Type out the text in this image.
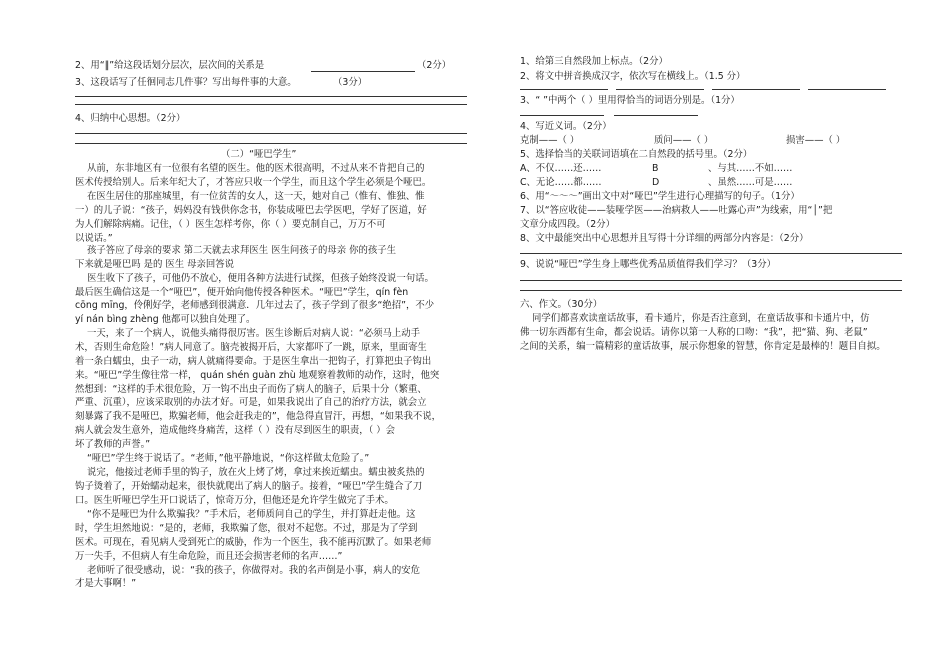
2、用“‖”给这段话划分层次，层次间的关系是	（2分）
3、这段话写了任徊同志几件事？写出每件事的大意。	（3分）
4、归纳中心思想。（2分）
（二）“哑巴学生”
从前，东非地区有一位很有名望的医生。他的医术很高明，不过从来不肯把自己的
医术传授给别人。后来年纪大了，才答应只收一个学生，而且这个学生必须是个哑巴。
在医生居住的那座城里，有一位贫苦的女人，这一天，她对自己（惟有、惟独、惟
一）的儿子说：“孩子，妈妈没有钱供你念书，你装成哑巴去学医吧，学好了医道，好
为人们解除病痛。记住，（ ）医生怎样考你，你（ ）要克制自己，万万不可
以说话。”
孩子答应了母亲的要求 第二天就去求拜医生 医生问孩子的母亲 你的孩子生
下来就是哑巴吗 是的 医生 母亲回答说
医生收下了孩子，可他仍不放心，便用各种方法进行试探，但孩子始终没说一句话。
最后医生确信这是一个“哑巴”，便开始向他传授各种医术。“哑巴”学生，qín fèn
cōng mīng，伶俐好学，老师感到很满意．几年过去了，孩子学到了很多“绝招”，不少
yí nán bìng zhèng 他都可以独自处理了。
一天，来了一个病人，说他头痛得很厉害。医生诊断后对病人说：“必须马上动手
术，否则生命危险！”病人同意了。脑壳被揭开后，大家都吓了一跳，原来，里面寄生
着一条白蠕虫，虫子一动，病人就痛得要命。于是医生拿出一把钩子，打算把虫子钩出
来。“哑巴”学生像往常一样， quán shén guàn zhù 地观察着教师的动作，这时，他突
然想到：“这样的手术很危险，万一钩不出虫子而伤了病人的脑子，后果十分（繁重、
严重、沉重），应该采取别的办法才好。可是，如果我说出了自己的治疗方法，就会立
刻暴露了我不是哑巴，欺骗老师，他会赶我走的”，他急得直冒汗，再想，“如果我不说，
病人就会发生意外，造成他终身痛苦，这样（ ）没有尽到医生的职责，（ ）会
坏了教师的声誉。”
“哑巴”学生终于说话了。“老师，”他平静地说，“你这样做太危险了。”
说完，他接过老师手里的钩子，放在火上烤了烤，拿过来挨近蠕虫。蠕虫被炙热的
钩子烫着了，开始蠕动起来，很快就爬出了病人的脑子。接着，“哑巴”学生缝合了刀
口。医生听哑巴学生开口说话了，惊奇万分，但他还是允许学生做完了手术。
“你不是哑巴为什么欺骗我？”手术后，老师质问自己的学生，并打算赶走他。这
时，学生坦然地说：“是的，老师，我欺骗了您，很对不起您。不过，那是为了学到
医术。可现在，看见病人受到死亡的威胁，作为一个医生，我不能再沉默了。如果老师
万一失手，不但病人有生命危险，而且还会损害老师的名声……”
老师听了很受感动，说：“我的孩子，你做得对。我的名声倒是小事，病人的安危
才是大事啊！”
1、给第三自然段加上标点。（2分）
2、将文中拼音换成汉字，依次写在横线上。（1.5 分）
3、“ ”中两个（ ）里用得恰当的词语分别是。（1分）
4、写近义词。（2分）
克制——（ ）	质问——（ ）	损害——（ ）
5、选择恰当的关联词语填在二自然段的括号里。（2分）
A、不仅……还……	B	、与其……不如……
C、无论……都……	D	、虽然……可是……
6、用“～～～”画出文中对“哑巴”学生进行心理描写的句子。（1分）
7、以“答应收徒——装哑学医——治病救人——吐露心声”为线索，用“│”把
文章分成四段。（2分）
8、文中最能突出中心思想并且写得十分详细的两部分内容是：（2分）
9、说说“哑巴”学生身上哪些优秀品质值得我们学习？（3分）
六、作文。（30分）
同学们都喜欢读童话故事，看卡通片，你是否注意到，在童话故事和卡通片中，仿
佛一切东西都有生命，都会说话。请你以第一人称的口吻：“我”，把“猫、狗、老鼠”
之间的关系，编一篇精彩的童话故事，展示你想象的智慧，你肯定是最棒的！题目自拟。
